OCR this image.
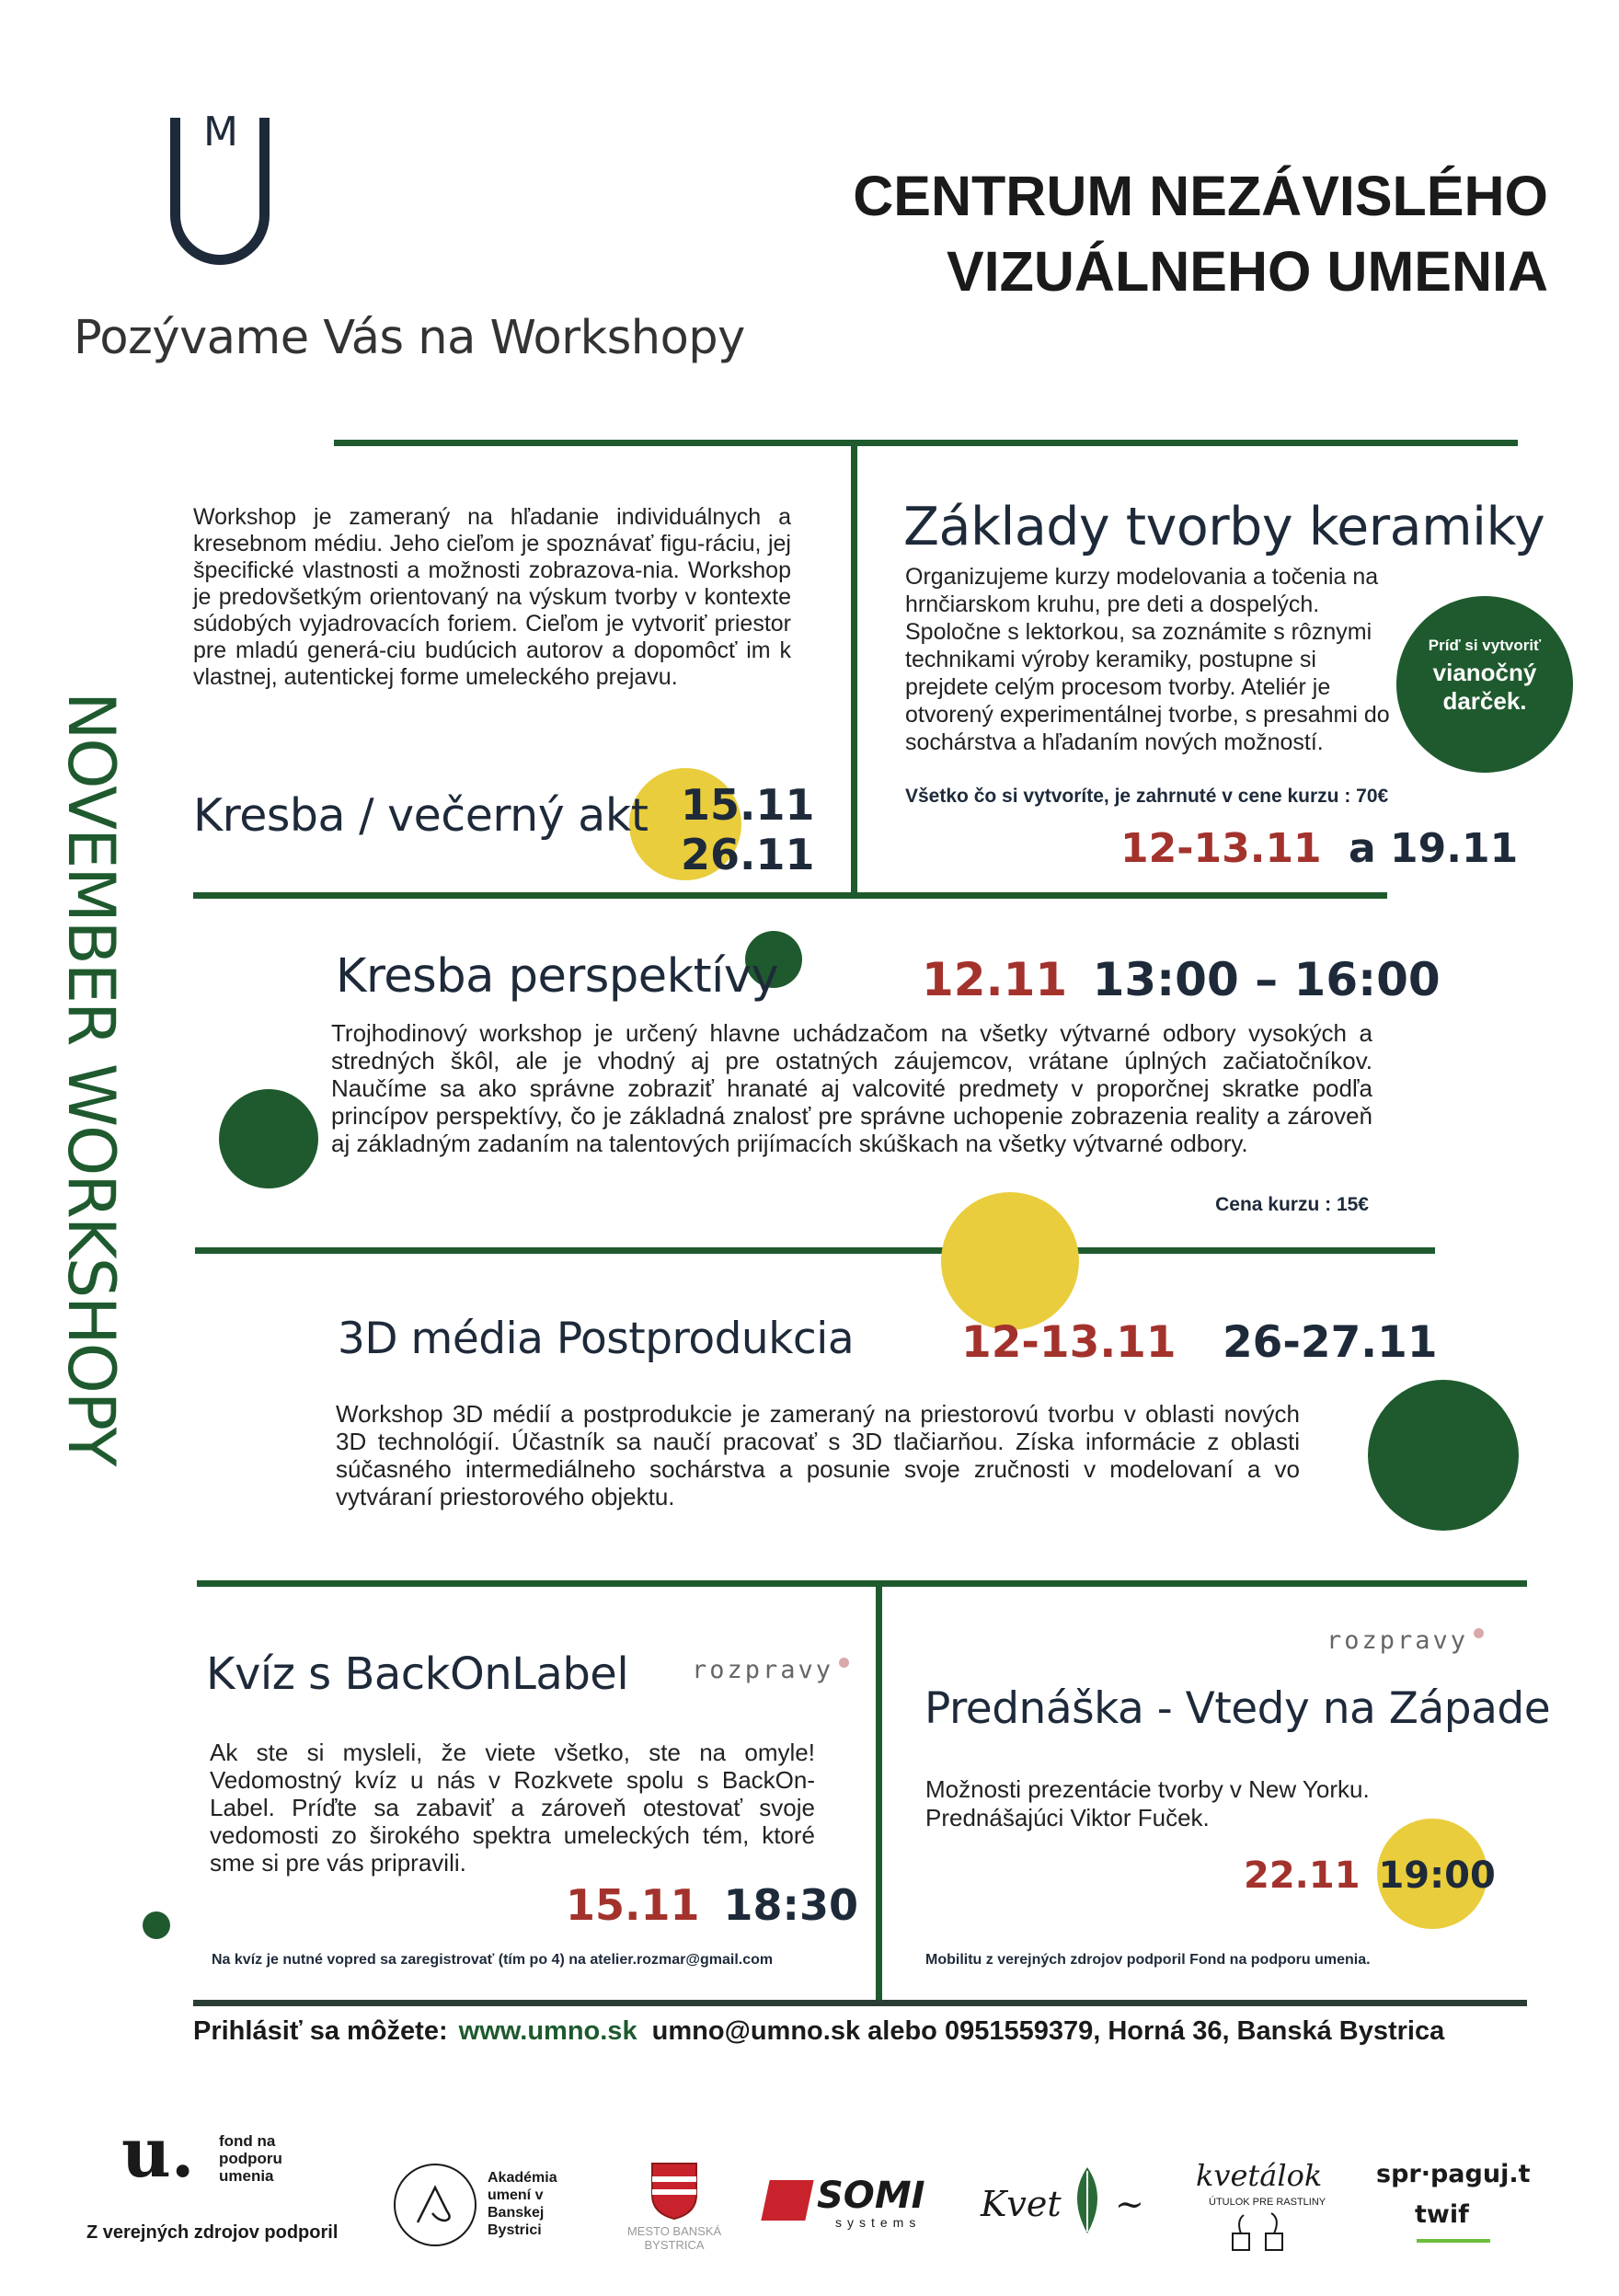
M
CENTRUM NEZÁVISLÉHO
VIZUÁLNEHO UMENIA
Pozývame Vás na Workshopy
NOVEMBER WORKSHOPY
Workshop je zameraný na hľadanie individuálnych a kresebnom médiu. Jeho cieľom je spoznávať figu-ráciu, jej špecifické vlastnosti a možnosti zobrazova-nia. Workshop je predovšetkým orientovaný na výskum tvorby v kontexte súdobých vyjadrovacích foriem. Cieľom je vytvoriť priestor pre mladú generá-ciu budúcich autorov a dopomôcť im k vlastnej, autentickej forme umeleckého prejavu.
Kresba / večerný akt 15.11
26.11
Základy tvorby keramiky
Organizujeme kurzy modelovania a točenia na hrnčiarskom kruhu, pre deti a dospelých. Spoločne s lektorkou, sa zoznámite s rôznymi technikami výroby keramiky, postupne si prejdete celým procesom tvorby. Ateliér je otvorený experimentálnej tvorbe, s presahmi do sochárstva a hľadaním nových možností.
Všetko čo si vytvoríte, je zahrnuté v cene kurzu : 70€
12-13.11 a 19.11
Príď si vytvoriť
vianočný
darček.
Kresba perspektívy	12.11 13:00 – 16:00
Trojhodinový workshop je určený hlavne uchádzačom na všetky výtvarné odbory vysokých a stredných škôl, ale je vhodný aj pre ostatných záujemcov, vrátane úplných začiatočníkov. Naučíme sa ako správne zobraziť hranaté aj valcovité predmety v proporčnej skratke podľa princípov perspektívy, čo je základná znalosť pre správne uchopenie zobrazenia reality a zároveň aj základným zadaním na talentových prijímacích skúškach na všetky výtvarné odbory.
Cena kurzu : 15€
3D média Postprodukcia 12-13.11 26-27.11
Workshop 3D médií a postprodukcie je zameraný na priestorovú tvorbu v oblasti nových 3D technológií. Účastník sa naučí pracovať s 3D tlačiarňou. Získa informácie z oblasti súčasného intermediálneho sochárstva a posunie svoje zručnosti v modelovaní a vo vytváraní priestorového objektu.
rozpravy
Kvíz s BackOnLabel
Ak ste si mysleli, že viete všetko, ste na omyle! Vedomostný kvíz u nás v Rozkvete spolu s BackOn-Label. Príďte sa zabaviť a zároveň otestovať svoje vedomosti zo širokého spektra umeleckých tém, ktoré sme si pre vás pripravili.
15.11 18:30
Na kvíz je nutné vopred sa zaregistrovať (tím po 4) na atelier.rozmar@gmail.com
rozpravy
Prednáška - Vtedy na Západe
Možnosti prezentácie tvorby v New Yorku. Prednášajúci Viktor Fuček.
22.11 19:00
Mobilitu z verejných zdrojov podporil Fond na podporu umenia.
Prihlásiť sa môžete: www.umno.sk umno@umno.sk alebo 0951559379, Horná 36, Banská Bystrica
u. fond na podporu umenia
Z verejných zdrojov podporil
Akadémia umení v Banskej Bystrici	MESTO BANSKÁ BYSTRICA
SOMI
systems Kvet ~
kvetálok
ÚTULOK PRE RASTLINY
spr·paguj.t
twif
